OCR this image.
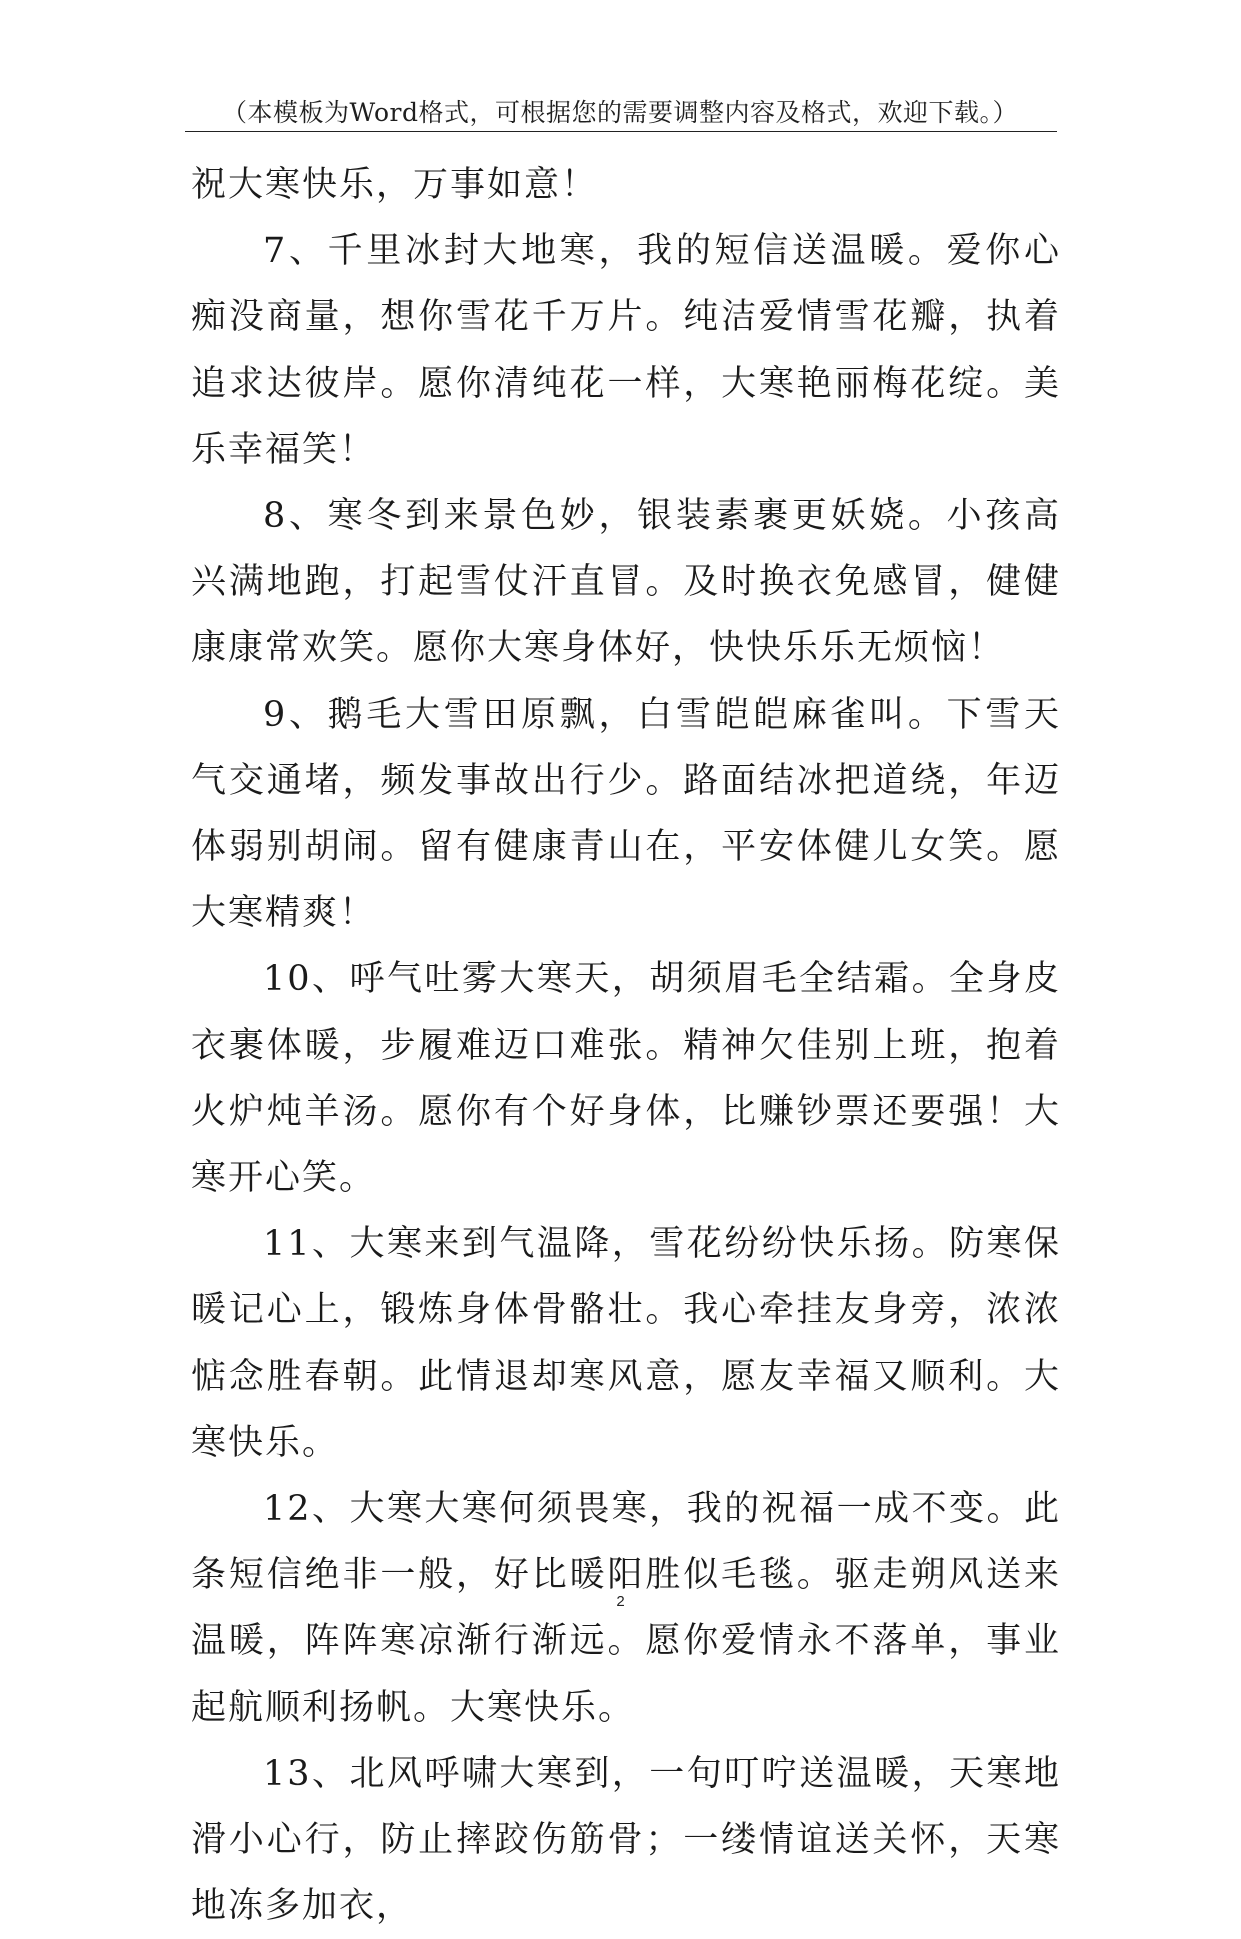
（本模板为Word格式，可根据您的需要调整内容及格式，欢迎下载。）

祝大寒快乐，万事如意！

7、千里冰封大地寒，我的短信送温暖。爱你心痴没商量，想你雪花千万片。纯洁爱情雪花瓣，执着追求达彼岸。愿你清纯花一样，大寒艳丽梅花绽。美乐幸福笑！

8、寒冬到来景色妙，银装素裹更妖娆。小孩高兴满地跑，打起雪仗汗直冒。及时换衣免感冒，健健康康常欢笑。愿你大寒身体好，快快乐乐无烦恼！

9、鹅毛大雪田原飘，白雪皑皑麻雀叫。下雪天气交通堵，频发事故出行少。路面结冰把道绕，年迈体弱别胡闹。留有健康青山在，平安体健儿女笑。愿大寒精爽！

10、呼气吐雾大寒天，胡须眉毛全结霜。全身皮衣裹体暖，步履难迈口难张。精神欠佳别上班，抱着火炉炖羊汤。愿你有个好身体，比赚钞票还要强！大寒开心笑。

11、大寒来到气温降，雪花纷纷快乐扬。防寒保暖记心上，锻炼身体骨骼壮。我心牵挂友身旁，浓浓惦念胜春朝。此情退却寒风意，愿友幸福又顺利。大寒快乐。

12、大寒大寒何须畏寒，我的祝福一成不变。此条短信绝非一般，好比暖阳胜似毛毯。驱走朔风送来温暖，阵阵寒凉渐行渐远。愿你爱情永不落单，事业起航顺利扬帆。大寒快乐。

13、北风呼啸大寒到，一句叮咛送温暖，天寒地滑小心行，防止摔跤伤筋骨；一缕情谊送关怀，天寒地冻多加衣，

2
